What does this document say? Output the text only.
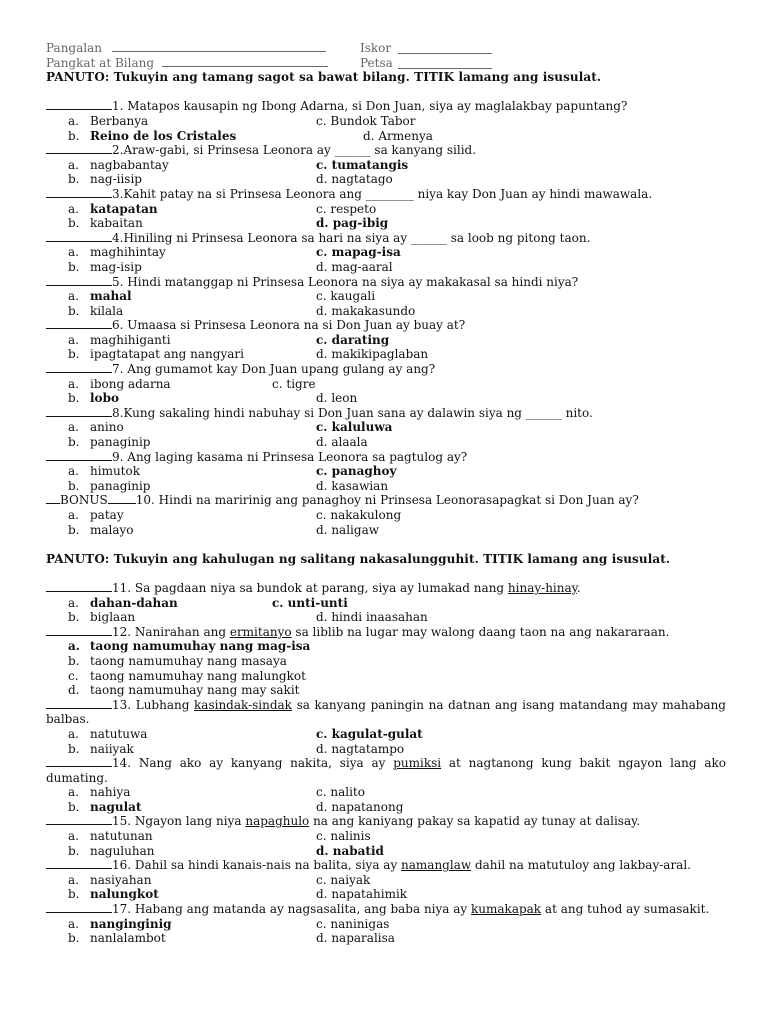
Pangalan	Iskor
Pangkat at Bilang	Petsa
PANUTO: Tukuyin ang tamang sagot sa bawat bilang. TITIK lamang ang isusulat.
1. Matapos kausapin ng Ibong Adarna, si Don Juan, siya ay maglalakbay papuntang?
a. Berbanya	c. Bundok Tabor
b. Reino de los Cristales	d. Armenya
2.Araw-gabi, si Prinsesa Leonora ay ______ sa kanyang silid.
a. nagbabantay	c. tumatangis
b. nag-iisip	d. nagtatago
3.Kahit patay na si Prinsesa Leonora ang ________ niya kay Don Juan ay hindi mawawala.
a. katapatan	c. respeto
b. kabaitan	d. pag-ibig
4.Hiniling ni Prinsesa Leonora sa hari na siya ay ______ sa loob ng pitong taon.
a. maghihintay	c. mapag-isa
b. mag-isip	d. mag-aaral
5. Hindi matanggap ni Prinsesa Leonora na siya ay makakasal sa hindi niya?
a. mahal	c. kaugali
b. kilala	d. makakasundo
6. Umaasa si Prinsesa Leonora na si Don Juan ay buay at?
a. maghihiganti	c. darating
b. ipagtatapat ang nangyari	d. makikipaglaban
7. Ang gumamot kay Don Juan upang gulang ay ang?
a. ibong adarna	c. tigre
b. lobo	d. leon
8.Kung sakaling hindi nabuhay si Don Juan sana ay dalawin siya ng ______ nito.
a. anino	c. kaluluwa
b. panaginip	d. alaala
9. Ang laging kasama ni Prinsesa Leonora sa pagtulog ay?
a. himutok	c. panaghoy
b. panaginip	d. kasawian
BONUS 10. Hindi na maririnig ang panaghoy ni Prinsesa Leonorasapagkat si Don Juan ay?
a. patay	c. nakakulong
b. malayo	d. naligaw
PANUTO: Tukuyin ang kahulugan ng salitang nakasalungguhit. TITIK lamang ang isusulat.
11. Sa pagdaan niya sa bundok at parang, siya ay lumakad nang hinay-hinay.
a. dahan-dahan	c. unti-unti
b. biglaan	d. hindi inaasahan
12. Nanirahan ang ermitanyo sa liblib na lugar may walong daang taon na ang nakararaan.
a. taong namumuhay nang mag-isa
b. taong namumuhay nang masaya
c. taong namumuhay nang malungkot
d. taong namumuhay nang may sakit
13. Lubhang kasindak-sindak sa kanyang paningin na datnan ang isang matandang may mahabang balbas.
a. natutuwa	c. kagulat-gulat
b. naiiyak	d. nagtatampo
14. Nang ako ay kanyang nakita, siya ay pumiksi at nagtanong kung bakit ngayon lang ako dumating.
a. nahiya	c. nalito
b. nagulat	d. napatanong
15. Ngayon lang niya napaghulo na ang kaniyang pakay sa kapatid ay tunay at dalisay.
a. natutunan	c. nalinis
b. naguluhan	d. nabatid
16. Dahil sa hindi kanais-nais na balita, siya ay namanglaw dahil na matutuloy ang lakbay-aral.
a. nasiyahan	c. naiyak
b. nalungkot	d. napatahimik
17. Habang ang matanda ay nagsasalita, ang baba niya ay kumakapak at ang tuhod ay sumasakit.
a. nanginginig	c. naninigas
b. nanlalambot	d. naparalisa
